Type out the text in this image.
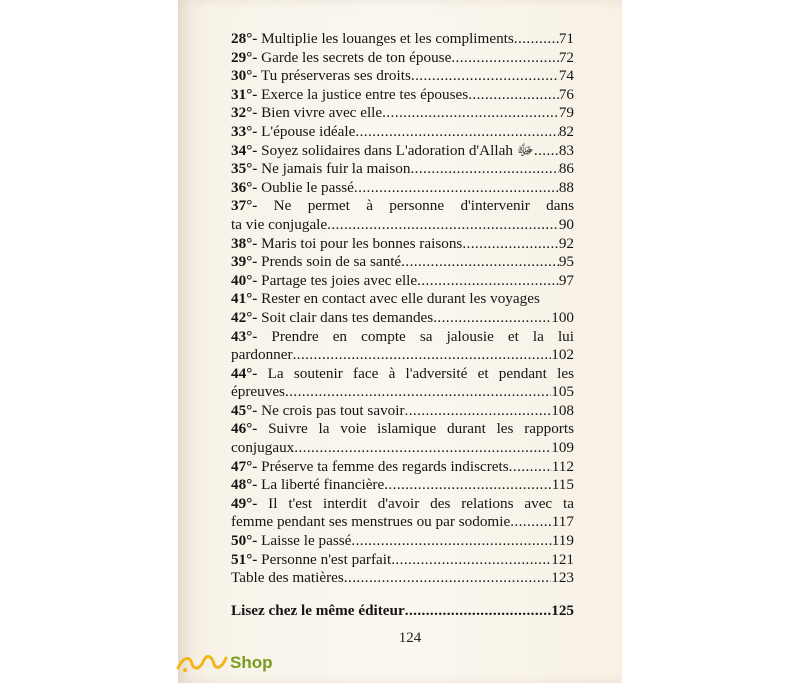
28°- Multiplie les louanges et les compliments .....	71
29°- Garde les secrets de ton épouse .....	72
30°- Tu préserveras ses droits .....	74
31°- Exerce la justice entre tes épouses .....	76
32°- Bien vivre avec elle .....	79
33°- L'épouse idéale .....	82
34°- Soyez solidaires dans L'adoration d'Allah ﷻ ..... 83
35°- Ne jamais fuir la maison .....	86
36°- Oublie le passé .....	88
37°- Ne permet à personne d'intervenir dans
ta vie conjugale .....	90
38°- Maris toi pour les bonnes raisons .....	92
39°- Prends soin de sa santé .....	95
40°- Partage tes joies avec elle .....	97
41°- Rester en contact avec elle durant les voyages
42°- Soit clair dans tes demandes .....	100
43°- Prendre en compte sa jalousie et la lui
pardonner .....	102
44°- La soutenir face à l'adversité et pendant les
épreuves .....	105
45°- Ne crois pas tout savoir .....	108
46°- Suivre la voie islamique durant les rapports
conjugaux .....	109
47°- Préserve ta femme des regards indiscrets .....	112
48°- La liberté financière .....	115
49°- Il t'est interdit d'avoir des relations avec ta
femme pendant ses menstrues ou par sodomie .....	117
50°- Laisse le passé .....	119
51°- Personne n'est parfait .....	121
Table des matières .....	123
Lisez chez le même éditeur .....	125
124
Shop
